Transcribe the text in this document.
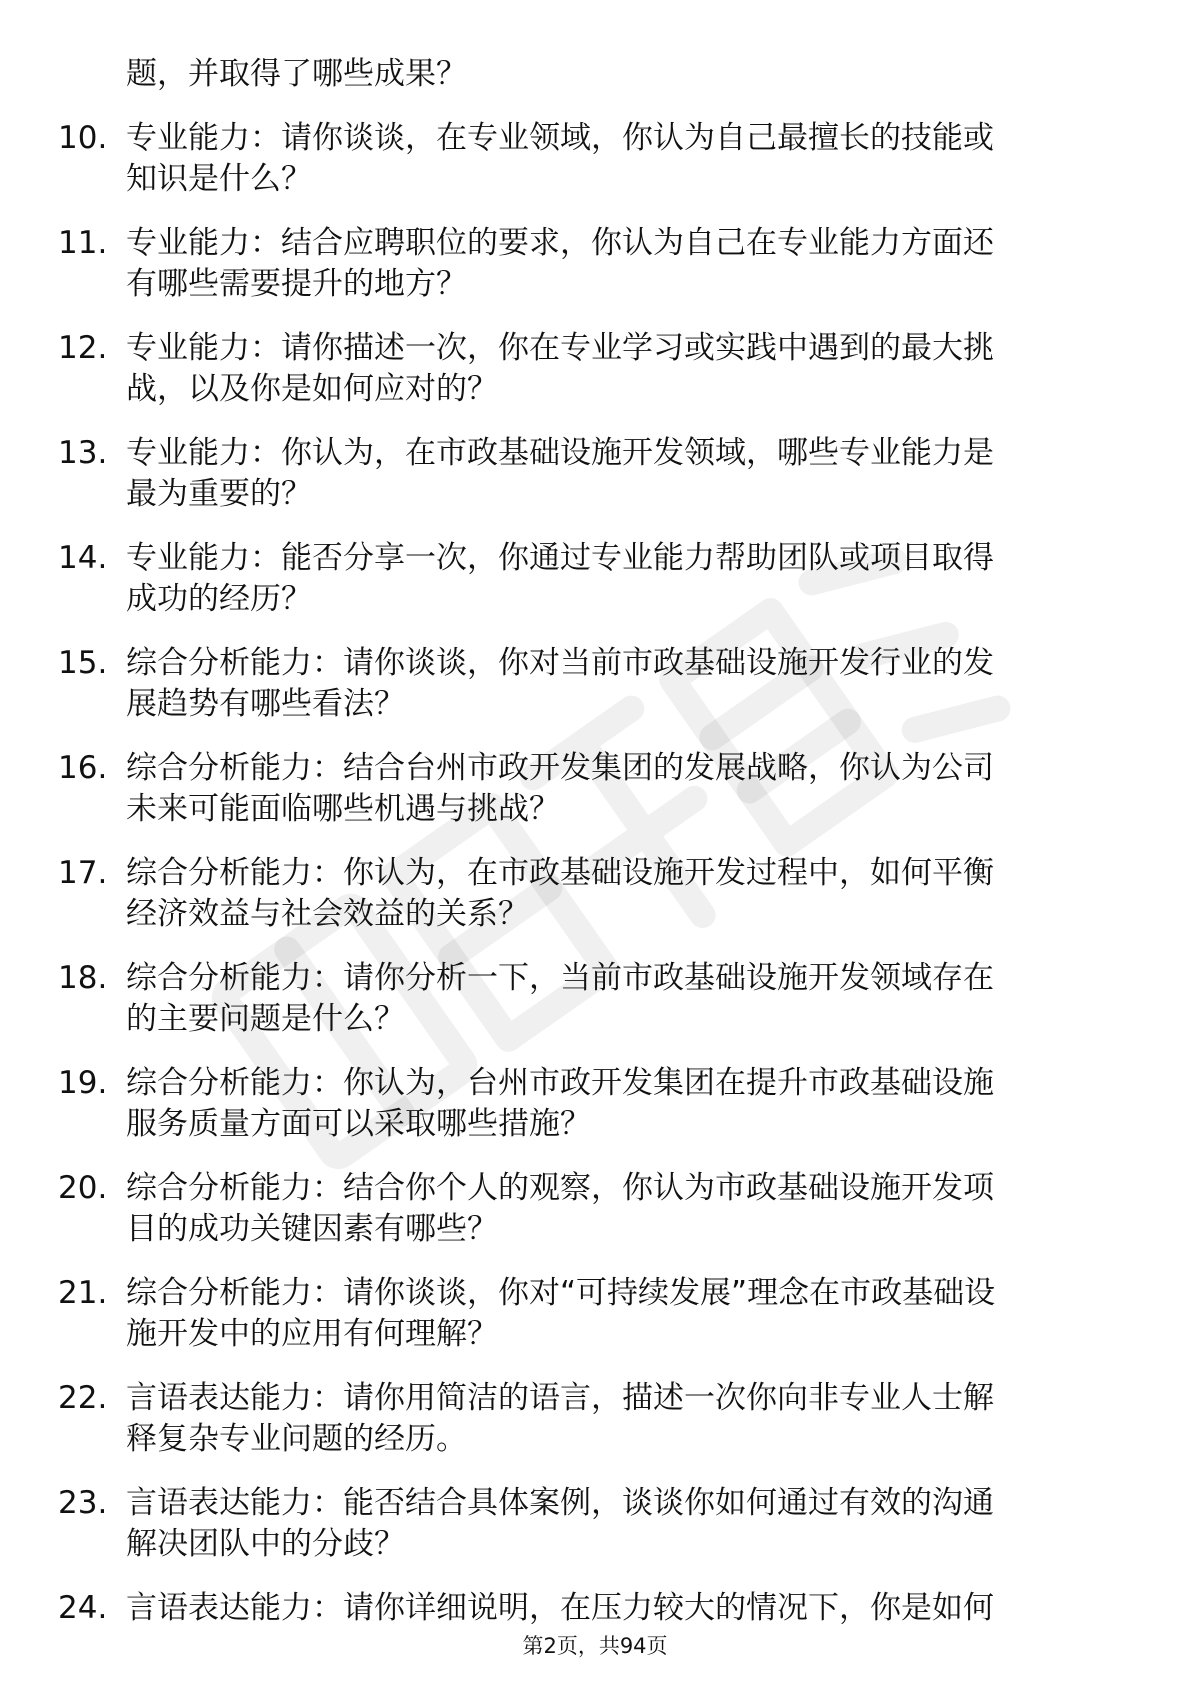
题，并取得了哪些成果？
10. 专业能力：请你谈谈，在专业领域，你认为自己最擅长的技能或
知识是什么？
11. 专业能力：结合应聘职位的要求，你认为自己在专业能力方面还
有哪些需要提升的地方？
12. 专业能力：请你描述一次，你在专业学习或实践中遇到的最大挑
战，以及你是如何应对的？
13. 专业能力：你认为，在市政基础设施开发领域，哪些专业能力是
最为重要的？
14. 专业能力：能否分享一次，你通过专业能力帮助团队或项目取得
成功的经历？
15. 综合分析能力：请你谈谈，你对当前市政基础设施开发行业的发
展趋势有哪些看法？
16. 综合分析能力：结合台州市政开发集团的发展战略，你认为公司
未来可能面临哪些机遇与挑战？
17. 综合分析能力：你认为，在市政基础设施开发过程中，如何平衡
经济效益与社会效益的关系？
18. 综合分析能力：请你分析一下，当前市政基础设施开发领域存在
的主要问题是什么？
19. 综合分析能力：你认为，台州市政开发集团在提升市政基础设施
服务质量方面可以采取哪些措施？
20. 综合分析能力：结合你个人的观察，你认为市政基础设施开发项
目的成功关键因素有哪些？
21. 综合分析能力：请你谈谈，你对“可持续发展”理念在市政基础设
施开发中的应用有何理解？
22. 言语表达能力：请你用简洁的语言，描述一次你向非专业人士解
释复杂专业问题的经历。
23. 言语表达能力：能否结合具体案例，谈谈你如何通过有效的沟通
解决团队中的分歧？
24. 言语表达能力：请你详细说明，在压力较大的情况下，你是如何
第2页，共94页
